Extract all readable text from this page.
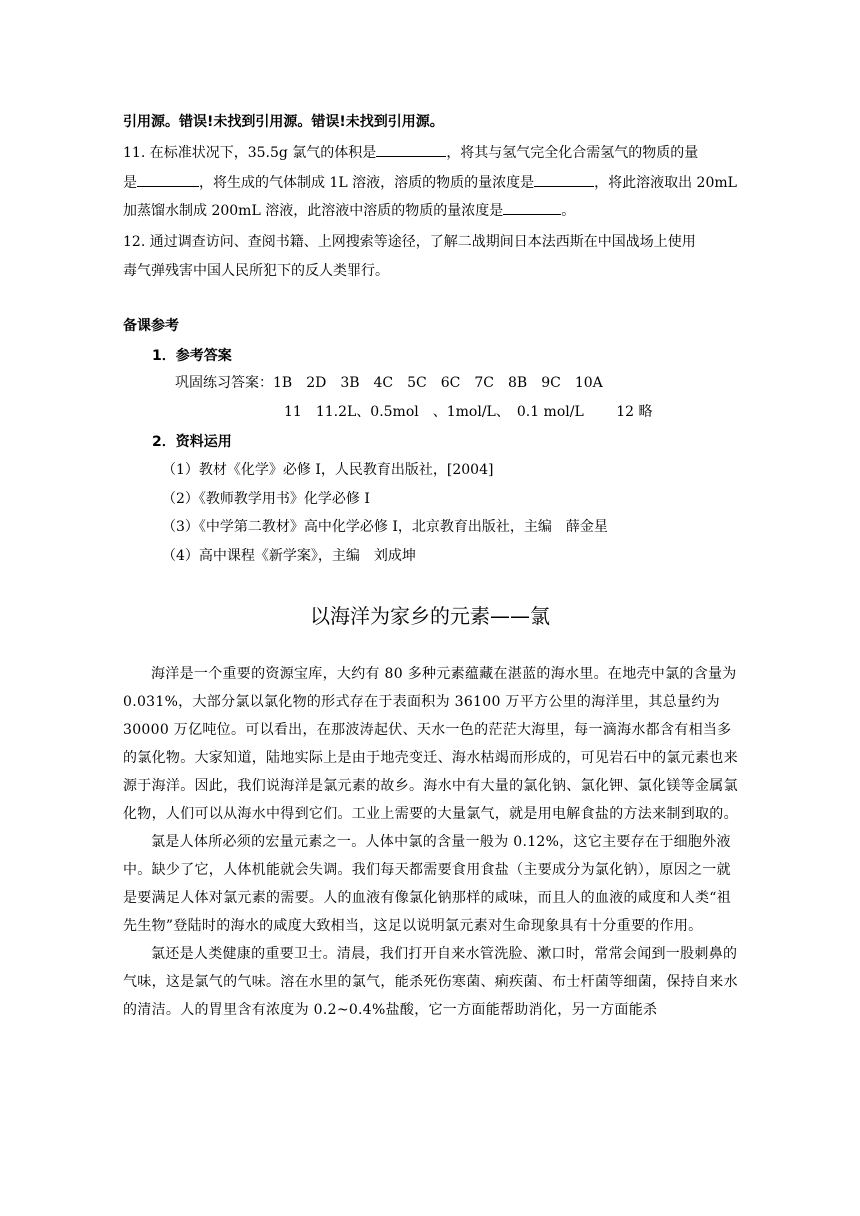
引用源。错误!未找到引用源。错误!未找到引用源。
11. 在标准状况下，35.5g 氯气的体积是	，将其与氢气完全化合需氢气的物质的量
是	，将生成的气体制成 1L 溶液，溶质的物质的量浓度是	，将此溶液取出 20mL
加蒸馏水制成 200mL 溶液，此溶液中溶质的物质的量浓度是	。
12. 通过调查访问、查阅书籍、上网搜索等途径，了解二战期间日本法西斯在中国战场上使用
毒气弹残害中国人民所犯下的反人类罪行。
备课参考
1．参考答案
巩固练习答案：1B　2D　3B　4C　5C　6C　7C　8B　9C　10A
11　11.2L、0.5mol　、1mol/L、　0.1 mol/L　　 12 略
2．资料运用
（1）教材《化学》必修 I，人民教育出版社，[2004]
（2）《教师教学用书》化学必修 I
（3）《中学第二教材》高中化学必修 I，北京教育出版社，主编　薛金星
（4）高中课程《新学案》，主编　刘成坤
以海洋为家乡的元素——氯

海洋是一个重要的资源宝库，大约有 80 多种元素蕴藏在湛蓝的海水里。在地壳中氯的含量为 0.031%，大部分氯以氯化物的形式存在于表面积为 36100 万平方公里的海洋里，其总量约为 30000 万亿吨位。可以看出，在那波涛起伏、天水一色的茫茫大海里，每一滴海水都含有相当多的氯化物。大家知道，陆地实际上是由于地壳变迁、海水枯竭而形成的，可见岩石中的氯元素也来源于海洋。因此，我们说海洋是氯元素的故乡。海水中有大量的氯化钠、氯化钾、氯化镁等金属氯化物，人们可以从海水中得到它们。工业上需要的大量氯气，就是用电解食盐的方法来制到取的。

氯是人体所必须的宏量元素之一。人体中氯的含量一般为 0.12%，这它主要存在于细胞外液中。缺少了它，人体机能就会失调。我们每天都需要食用食盐（主要成分为氯化钠），原因之一就是要满足人体对氯元素的需要。人的血液有像氯化钠那样的咸味，而且人的血液的咸度和人类“祖先生物”登陆时的海水的咸度大致相当，这足以说明氯元素对生命现象具有十分重要的作用。

氯还是人类健康的重要卫士。清晨，我们打开自来水管洗脸、漱口时，常常会闻到一股刺鼻的气味，这是氯气的气味。溶在水里的氯气，能杀死伤寒菌、痢疾菌、布士杆菌等细菌，保持自来水的清洁。人的胃里含有浓度为 0.2~0.4%盐酸，它一方面能帮助消化，另一方面能杀
